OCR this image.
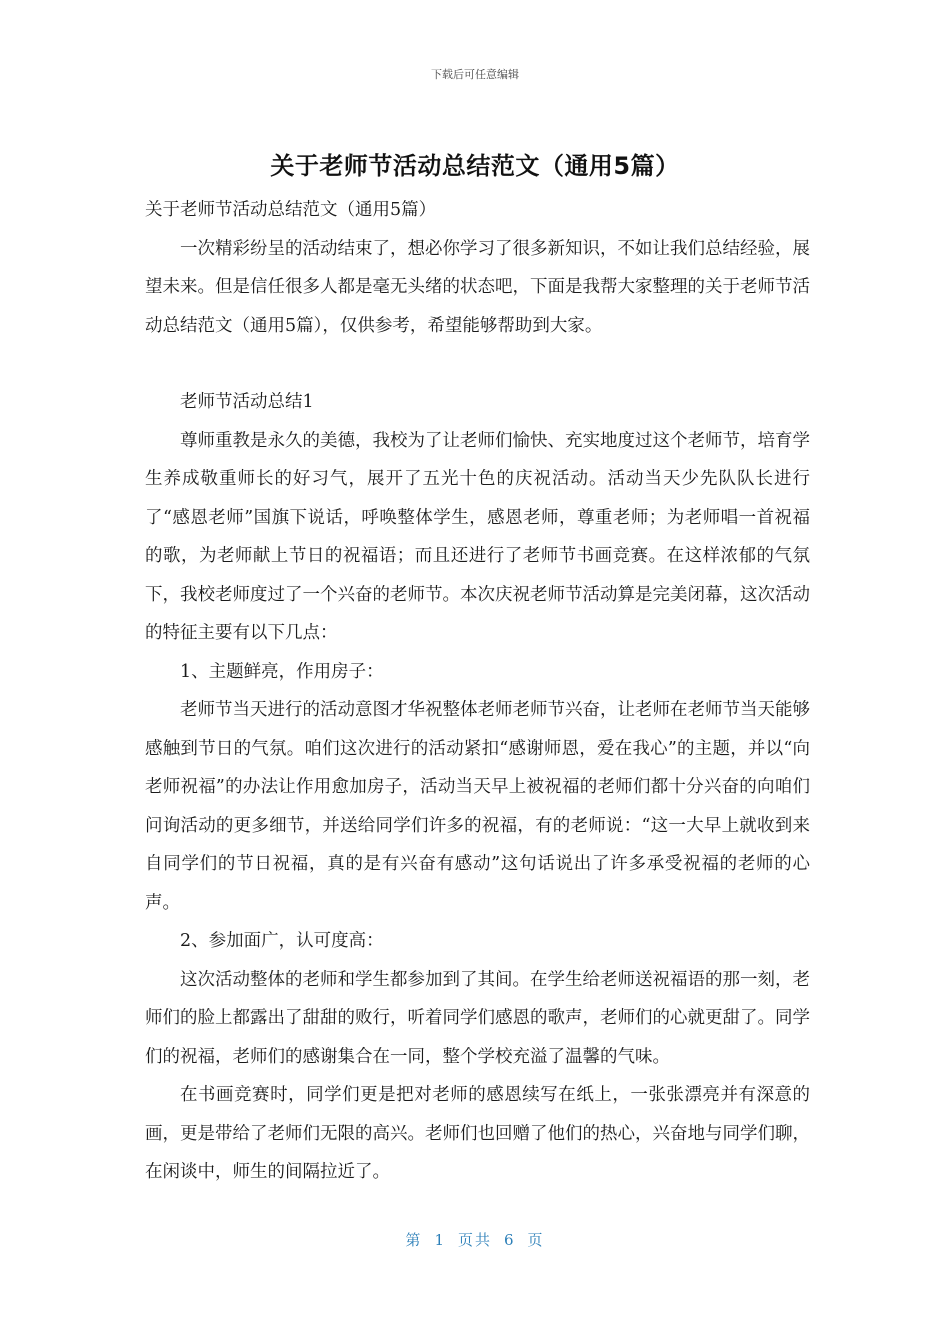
下载后可任意编辑
关于老师节活动总结范文（通用5篇）

关于老师节活动总结范文（通用5篇）

一次精彩纷呈的活动结束了，想必你学习了很多新知识，不如让我们总结经验，展望未来。但是信任很多人都是毫无头绪的状态吧，下面是我帮大家整理的关于老师节活动总结范文（通用5篇），仅供参考，希望能够帮助到大家。

老师节活动总结1

尊师重教是永久的美德，我校为了让老师们愉快、充实地度过这个老师节，培育学生养成敬重师长的好习气，展开了五光十色的庆祝活动。活动当天少先队队长进行了“感恩老师”国旗下说话，呼唤整体学生，感恩老师，尊重老师；为老师唱一首祝福的歌，为老师献上节日的祝福语；而且还进行了老师节书画竞赛。在这样浓郁的气氛下，我校老师度过了一个兴奋的老师节。本次庆祝老师节活动算是完美闭幕，这次活动的特征主要有以下几点：

1、主题鲜亮，作用房子：

老师节当天进行的活动意图才华祝整体老师老师节兴奋，让老师在老师节当天能够感触到节日的气氛。咱们这次进行的活动紧扣“感谢师恩，爱在我心”的主题，并以“向老师祝福”的办法让作用愈加房子，活动当天早上被祝福的老师们都十分兴奋的向咱们问询活动的更多细节，并送给同学们许多的祝福，有的老师说：“这一大早上就收到来自同学们的节日祝福，真的是有兴奋有感动”这句话说出了许多承受祝福的老师的心声。

2、参加面广，认可度高：

这次活动整体的老师和学生都参加到了其间。在学生给老师送祝福语的那一刻，老师们的脸上都露出了甜甜的败行，听着同学们感恩的歌声，老师们的心就更甜了。同学们的祝福，老师们的感谢集合在一同，整个学校充溢了温馨的气味。

在书画竞赛时，同学们更是把对老师的感恩续写在纸上，一张张漂亮并有深意的画，更是带给了老师们无限的高兴。老师们也回赠了他们的热心，兴奋地与同学们聊，在闲谈中，师生的间隔拉近了。

第 1 页共 6 页
